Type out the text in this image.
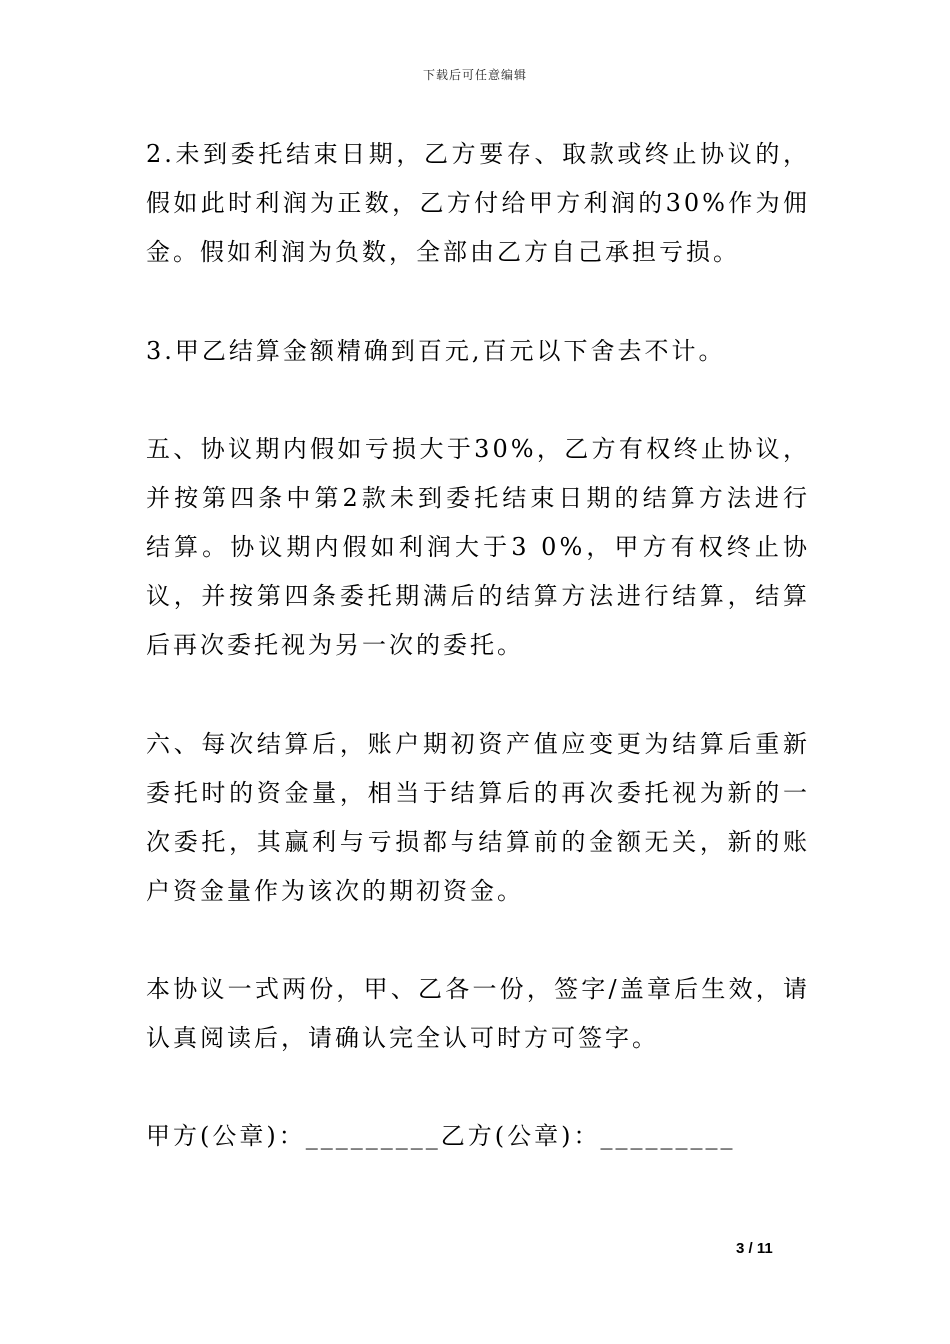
下载后可任意编辑

2.未到委托结束日期，乙方要存、取款或终止协议的，假如此时利润为正数，乙方付给甲方利润的30%作为佣金。假如利润为负数，全部由乙方自己承担亏损。

3.甲乙结算金额精确到百元,百元以下舍去不计。

五、协议期内假如亏损大于30%，乙方有权终止协议，并按第四条中第2款未到委托结束日期的结算方法进行结算。协议期内假如利润大于3 0%，甲方有权终止协议，并按第四条委托期满后的结算方法进行结算，结算后再次委托视为另一次的委托。

六、每次结算后，账户期初资产值应变更为结算后重新委托时的资金量，相当于结算后的再次委托视为新的一次委托，其赢利与亏损都与结算前的金额无关，新的账户资金量作为该次的期初资金。

本协议一式两份，甲、乙各一份，签字/盖章后生效，请认真阅读后，请确认完全认可时方可签字。

甲方(公章)：_________乙方(公章)：_________

3 / 11
